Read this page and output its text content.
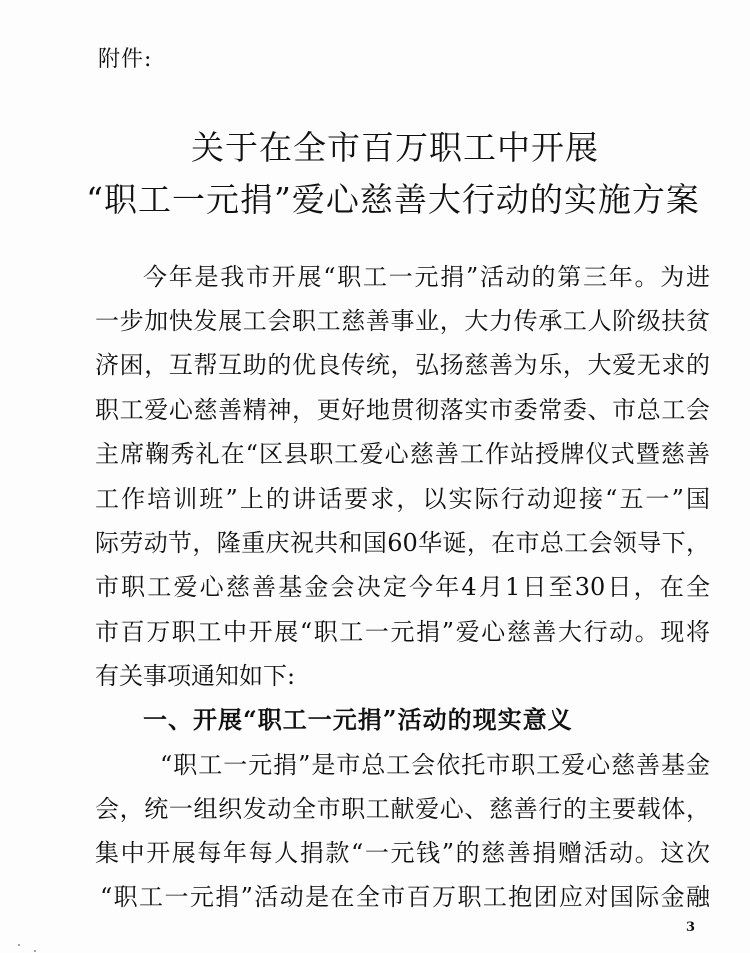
附件:
关于在全市百万职工中开展
“职工一元捐”爱心慈善大行动的实施方案
今年是我市开展“职工一元捐”活动的第三年。为进
一步加快发展工会职工慈善事业，大力传承工人阶级扶贫
济困，互帮互助的优良传统，弘扬慈善为乐，大爱无求的
职工爱心慈善精神，更好地贯彻落实市委常委、市总工会
主席鞠秀礼在“区县职工爱心慈善工作站授牌仪式暨慈善
工作培训班”上的讲话要求，以实际行动迎接“五一”国
际劳动节，隆重庆祝共和国60华诞，在市总工会领导下，
市职工爱心慈善基金会决定今年4月1日至30日，在全
市百万职工中开展“职工一元捐”爱心慈善大行动。现将
有关事项通知如下:
一、开展“职工一元捐”活动的现实意义
“职工一元捐”是市总工会依托市职工爱心慈善基金
会，统一组织发动全市职工献爱心、慈善行的主要载体，
集中开展每年每人捐款“一元钱”的慈善捐赠活动。这次
“职工一元捐”活动是在全市百万职工抱团应对国际金融
3
